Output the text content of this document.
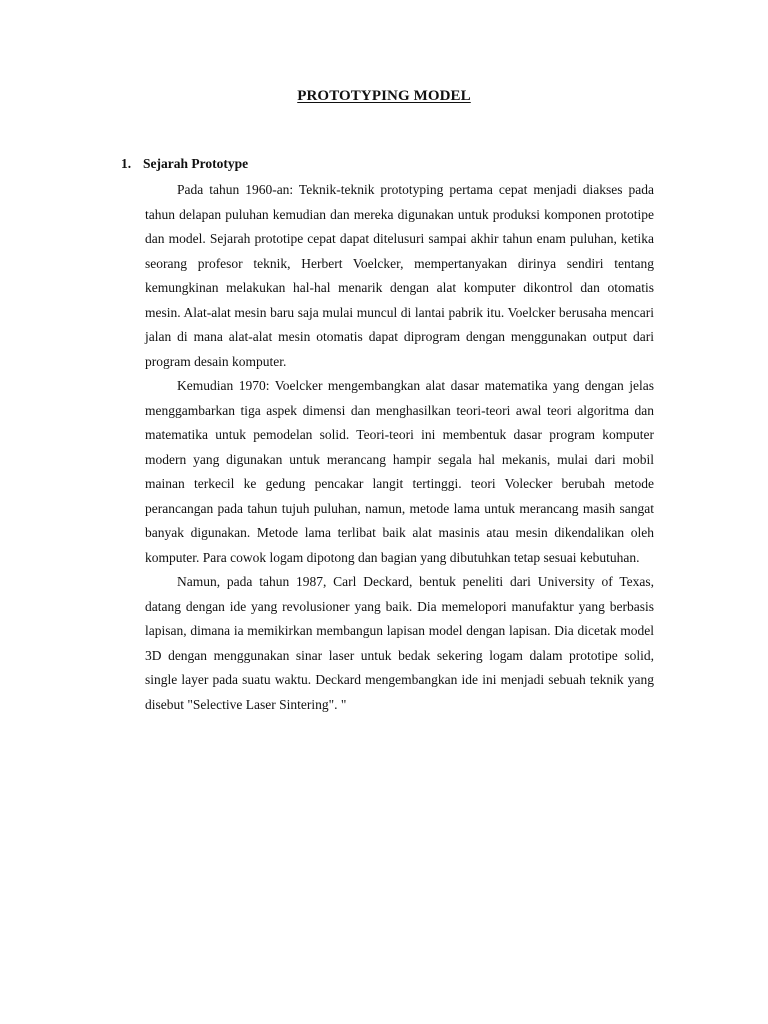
PROTOTYPING MODEL
1. Sejarah Prototype

Pada tahun 1960-an: Teknik-teknik prototyping pertama cepat menjadi diakses pada tahun delapan puluhan kemudian dan mereka digunakan untuk produksi komponen prototipe dan model. Sejarah prototipe cepat dapat ditelusuri sampai akhir tahun enam puluhan, ketika seorang profesor teknik, Herbert Voelcker, mempertanyakan dirinya sendiri tentang kemungkinan melakukan hal-hal menarik dengan alat komputer dikontrol dan otomatis mesin. Alat-alat mesin baru saja mulai muncul di lantai pabrik itu. Voelcker berusaha mencari jalan di mana alat-alat mesin otomatis dapat diprogram dengan menggunakan output dari program desain komputer.

Kemudian 1970: Voelcker mengembangkan alat dasar matematika yang dengan jelas menggambarkan tiga aspek dimensi dan menghasilkan teori-teori awal teori algoritma dan matematika untuk pemodelan solid. Teori-teori ini membentuk dasar program komputer modern yang digunakan untuk merancang hampir segala hal mekanis, mulai dari mobil mainan terkecil ke gedung pencakar langit tertinggi. teori Volecker berubah metode perancangan pada tahun tujuh puluhan, namun, metode lama untuk merancang masih sangat banyak digunakan. Metode lama terlibat baik alat masinis atau mesin dikendalikan oleh komputer. Para cowok logam dipotong dan bagian yang dibutuhkan tetap sesuai kebutuhan.

Namun, pada tahun 1987, Carl Deckard, bentuk peneliti dari University of Texas, datang dengan ide yang revolusioner yang baik. Dia memelopori manufaktur yang berbasis lapisan, dimana ia memikirkan membangun lapisan model dengan lapisan. Dia dicetak model 3D dengan menggunakan sinar laser untuk bedak sekering logam dalam prototipe solid, single layer pada suatu waktu. Deckard mengembangkan ide ini menjadi sebuah teknik yang disebut "Selective Laser Sintering". "
